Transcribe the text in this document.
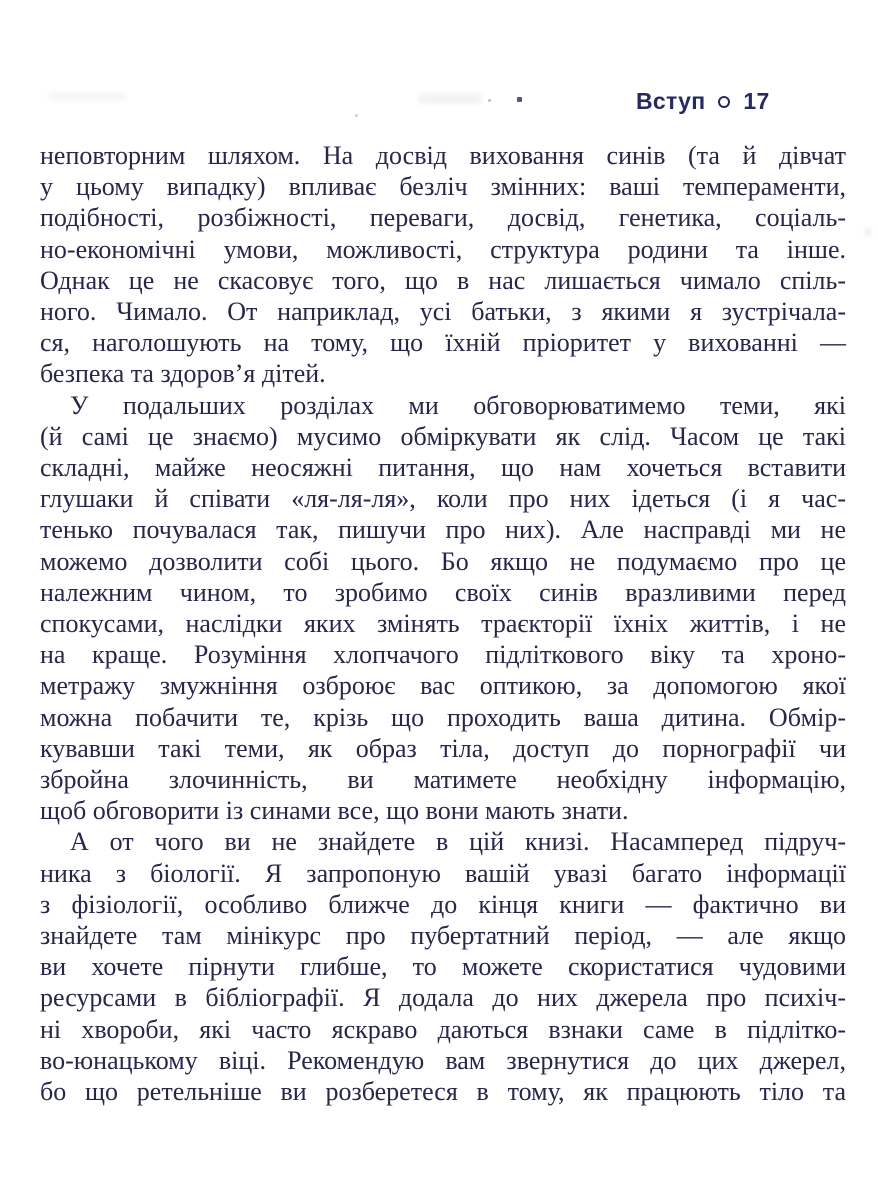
Вступ 17
неповторним шляхом. На досвід виховання синів (та й дівчат
у цьому випадку) впливає безліч змінних: ваші темпераменти,
подібності, розбіжності, переваги, досвід, генетика, соціаль-
но-економічні умови, можливості, структура родини та інше.
Однак це не скасовує того, що в нас лишається чимало спіль-
ного. Чимало. От наприклад, усі батьки, з якими я зустрічала-
ся, наголошують на тому, що їхній пріоритет у вихованні —
безпека та здоров’я дітей.
У подальших розділах ми обговорюватимемо теми, які
(й самі це знаємо) мусимо обміркувати як слід. Часом це такі
складні, майже неосяжні питання, що нам хочеться вставити
глушаки й співати «ля-ля-ля», коли про них ідеться (і я час-
тенько почувалася так, пишучи про них). Але насправді ми не
можемо дозволити собі цього. Бо якщо не подумаємо про це
належним чином, то зробимо своїх синів вразливими перед
спокусами, наслідки яких змінять траєкторії їхніх життів, і не
на краще. Розуміння хлопчачого підліткового віку та хроно-
метражу змужніння озброює вас оптикою, за допомогою якої
можна побачити те, крізь що проходить ваша дитина. Обмір-
кувавши такі теми, як образ тіла, доступ до порнографії чи
збройна злочинність, ви матимете необхідну інформацію,
щоб обговорити із синами все, що вони мають знати.
А от чого ви не знайдете в цій книзі. Насамперед підруч-
ника з біології. Я запропоную вашій увазі багато інформації
з фізіології, особливо ближче до кінця книги — фактично ви
знайдете там мінікурс про пубертатний період, — але якщо
ви хочете пірнути глибше, то можете скористатися чудовими
ресурсами в бібліографії. Я додала до них джерела про психіч-
ні хвороби, які часто яскраво даються взнаки саме в підлітко-
во-юнацькому віці. Рекомендую вам звернутися до цих джерел,
бо що ретельніше ви розберетеся в тому, як працюють тіло та
